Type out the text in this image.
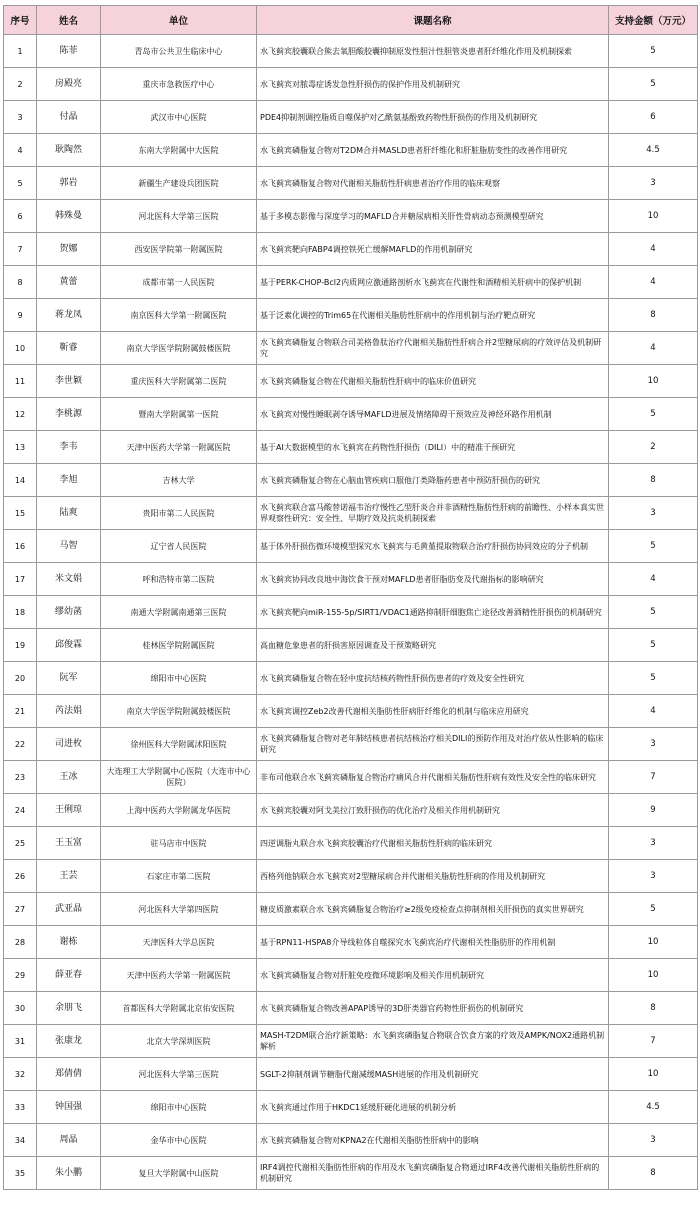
序号	姓名	单位	课题名称	支持金额（万元）
1	陈菲	青岛市公共卫生临床中心	水飞蓟宾胶囊联合熊去氧胆酸胶囊抑制原发性胆汁性胆管炎患者肝纤维化作用及机制探索	5
2	房殿亮	重庆市急救医疗中心	水飞蓟宾对脓毒症诱发急性肝损伤的保护作用及机制研究	5
3	付晶	武汉市中心医院	PDE4抑制剂调控脂质自噬保护对乙酰氨基酚致药物性肝损伤的作用及机制研究	6
4	耿陶然	东南大学附属中大医院	水飞蓟宾磷脂复合物对T2DM合并MASLD患者肝纤维化和肝脏脂肪变性的改善作用研究	4.5
5	郭岩	新疆生产建设兵团医院	水飞蓟宾磷脂复合物对代谢相关脂肪性肝病患者治疗作用的临床观察	3
6	韩殊曼	河北医科大学第三医院	基于多模态影像与深度学习的MAFLD合并糖尿病相关肝性骨病动态预测模型研究	10
7	贺娜	西安医学院第一附属医院	水飞蓟宾靶向FABP4调控铁死亡缓解MAFLD的作用机制研究	4
8	黄蕾	成都市第一人民医院	基于PERK-CHOP-Bcl2内质网应激通路剖析水飞蓟宾在代谢性和酒精相关肝病中的保护机制	4
9	蒋龙凤	南京医科大学第一附属医院	基于泛素化调控的Trim65在代谢相关脂肪性肝病中的作用机制与治疗靶点研究	8
10	靳睿	南京大学医学院附属鼓楼医院	水飞蓟宾磷脂复合物联合司美格鲁肽治疗代谢相关脂肪性肝病合并2型糖尿病的疗效评估及机制研究	4
11	李世颖	重庆医科大学附属第二医院	水飞蓟宾磷脂复合物在代谢相关脂肪性肝病中的临床价值研究	10
12	李桃源	暨南大学附属第一医院	水飞蓟宾对慢性睡眠剥夺诱导MAFLD进展及情绪障碍干预效应及神经环路作用机制	5
13	李韦	天津中医药大学第一附属医院	基于AI大数据模型的水飞蓟宾在药物性肝损伤（DILI）中的精准干预研究	2
14	李旭	吉林大学	水飞蓟宾磷脂复合物在心脑血管疾病口服他汀类降脂药患者中预防肝损伤的研究	8
15	陆爽	贵阳市第二人民医院	水飞蓟宾联合富马酸替诺福韦治疗慢性乙型肝炎合并非酒精性脂肪性肝病的前瞻性、小样本真实世界观察性研究：安全性、早期疗效及抗炎机制探索	3
16	马智	辽宁省人民医院	基于体外肝损伤微环境模型探究水飞蓟宾与毛黄堇提取物联合治疗肝损伤协同效应的分子机制	5
17	米文娟	呼和浩特市第二医院	水飞蓟宾协同改良地中海饮食干预对MAFLD患者肝脂肪变及代谢指标的影响研究	4
18	缪幼菡	南通大学附属南通第三医院	水飞蓟宾靶向miR-155-5p/SIRT1/VDAC1通路抑制肝细胞焦亡途径改善酒精性肝损伤的机制研究	5
19	邱俊霖	桂林医学院附属医院	高血糖危象患者的肝损害原因调查及干预策略研究	5
20	阮军	绵阳市中心医院	水飞蓟宾磷脂复合物在轻中度抗结核药物性肝损伤患者的疗效及安全性研究	5
21	芮法娟	南京大学医学院附属鼓楼医院	水飞蓟宾调控Zeb2改善代谢相关脂肪性肝病肝纤维化的机制与临床应用研究	4
22	司进枚	徐州医科大学附属沭阳医院	水飞蓟宾磷脂复合物对老年肺结核患者抗结核治疗相关DILI的预防作用及对治疗依从性影响的临床研究	3
23	王冰	大连理工大学附属中心医院（大连市中心医院）	非布司他联合水飞蓟宾磷脂复合物治疗痛风合并代谢相关脂肪性肝病有效性及安全性的临床研究	7
24	王俐琼	上海中医药大学附属龙华医院	水飞蓟宾胶囊对阿戈美拉汀致肝损伤的优化治疗及相关作用机制研究	9
25	王玉富	驻马店市中医院	四逆调脂丸联合水飞蓟宾胶囊治疗代谢相关脂肪性肝病的临床研究	3
26	王芸	石家庄市第二医院	西格列他钠联合水飞蓟宾对2型糖尿病合并代谢相关脂肪性肝病的作用及机制研究	3
27	武亚晶	河北医科大学第四医院	糖皮质激素联合水飞蓟宾磷脂复合物治疗≥2级免疫检查点抑制剂相关肝损伤的真实世界研究	5
28	谢栋	天津医科大学总医院	基于RPN11-HSPA8介导线粒体自噬探究水飞蓟宾治疗代谢相关性脂肪肝的作用机制	10
29	薛亚春	天津中医药大学第一附属医院	水飞蓟宾磷脂复合物对肝脏免疫微环境影响及相关作用机制研究	10
30	余朋飞	首都医科大学附属北京佑安医院	水飞蓟宾磷脂复合物改善APAP诱导的3D肝类器官药物性肝损伤的机制研究	8
31	张康龙	北京大学深圳医院	MASH-T2DM联合治疗新策略：水飞蓟宾磷脂复合物联合饮食方案的疗效及AMPK/NOX2通路机制解析	7
32	郑倩倩	河北医科大学第三医院	SGLT-2抑制剂调节糖脂代谢减缓MASH进展的作用及机制研究	10
33	钟国强	绵阳市中心医院	水飞蓟宾通过作用于HKDC1延缓肝硬化进展的机制分析	4.5
34	周晶	金华市中心医院	水飞蓟宾磷脂复合物对KPNA2在代谢相关脂肪性肝病中的影响	3
35	朱小鹏	复旦大学附属中山医院	IRF4调控代谢相关脂肪性肝病的作用及水飞蓟宾磷脂复合物通过IRF4改善代谢相关脂肪性肝病的机制研究	8
